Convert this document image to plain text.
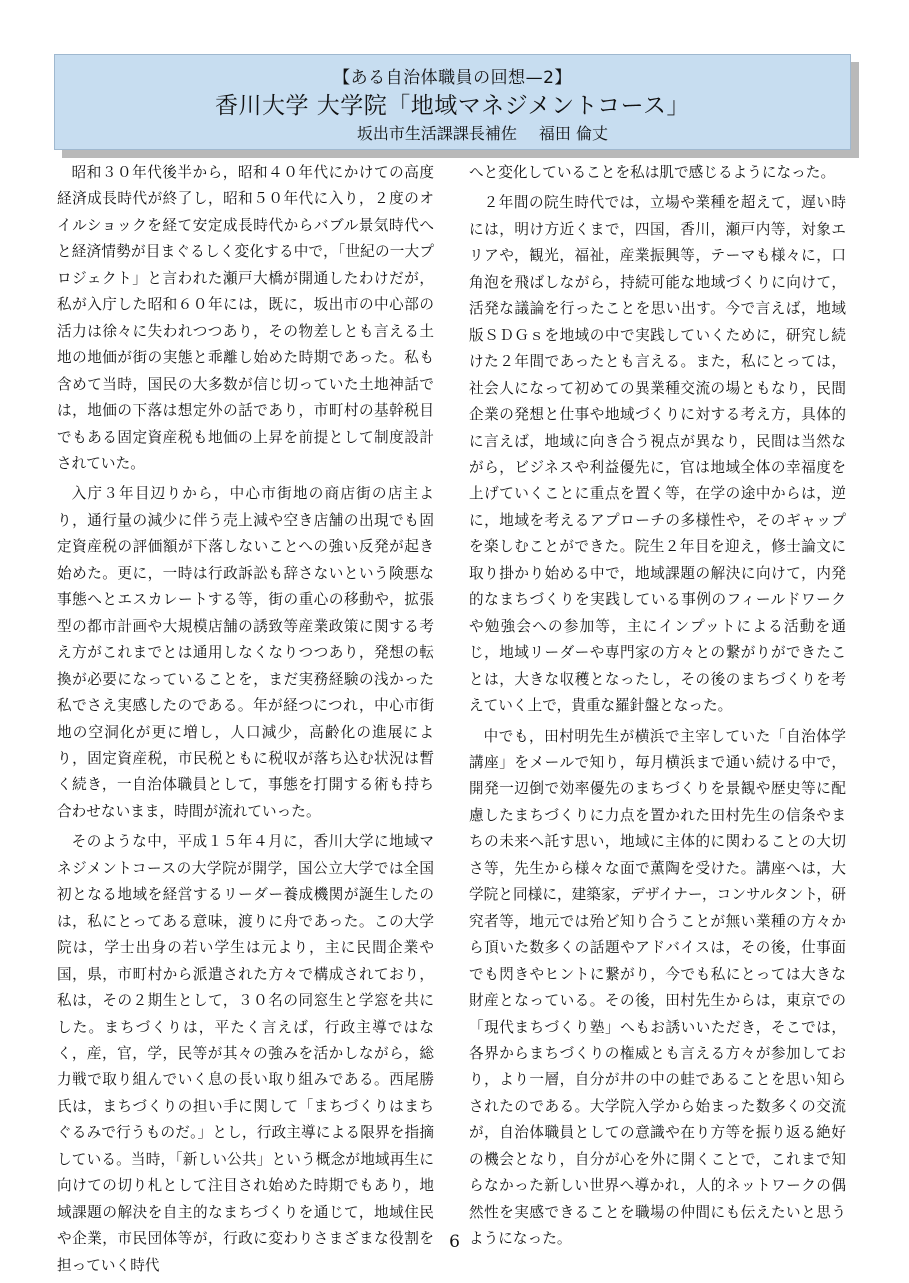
【ある自治体職員の回想—2】
香川大学 大学院「地域マネジメントコース」
坂出市生活課課長補佐 福田 倫丈

昭和３０年代後半から，昭和４０年代にかけての高度経済成長時代が終了し，昭和５０年代に入り，２度のオイルショックを経て安定成長時代からバブル景気時代へと経済情勢が目まぐるしく変化する中で，「世紀の一大プロジェクト」と言われた瀬戸大橋が開通したわけだが，私が入庁した昭和６０年には，既に，坂出市の中心部の活力は徐々に失われつつあり，その物差しとも言える土地の地価が街の実態と乖離し始めた時期であった。私も含めて当時，国民の大多数が信じ切っていた土地神話では，地価の下落は想定外の話であり，市町村の基幹税目でもある固定資産税も地価の上昇を前提として制度設計されていた。

入庁３年目辺りから，中心市街地の商店街の店主より，通行量の減少に伴う売上減や空き店舗の出現でも固定資産税の評価額が下落しないことへの強い反発が起き始めた。更に，一時は行政訴訟も辞さないという険悪な事態へとエスカレートする等，街の重心の移動や，拡張型の都市計画や大規模店舗の誘致等産業政策に関する考え方がこれまでとは通用しなくなりつつあり，発想の転換が必要になっていることを，まだ実務経験の浅かった私でさえ実感したのである。年が経つにつれ，中心市街地の空洞化が更に増し，人口減少，高齢化の進展により，固定資産税，市民税ともに税収が落ち込む状況は暫く続き，一自治体職員として，事態を打開する術も持ち合わせないまま，時間が流れていった。

そのような中，平成１５年４月に，香川大学に地域マネジメントコースの大学院が開学，国公立大学では全国初となる地域を経営するリーダー養成機関が誕生したのは，私にとってある意味，渡りに舟であった。この大学院は，学士出身の若い学生は元より，主に民間企業や国，県，市町村から派遣された方々で構成されており，私は，その２期生として，３０名の同窓生と学窓を共にした。まちづくりは，平たく言えば，行政主導ではなく，産，官，学，民等が其々の強みを活かしながら，総力戦で取り組んでいく息の長い取り組みである。西尾勝氏は，まちづくりの担い手に関して「まちづくりはまちぐるみで行うものだ。」とし，行政主導による限界を指摘している。当時，「新しい公共」という概念が地域再生に向けての切り札として注目され始めた時期でもあり，地域課題の解決を自主的なまちづくりを通じて，地域住民や企業，市民団体等が，行政に変わりさまざまな役割を担っていく時代

へと変化していることを私は肌で感じるようになった。

２年間の院生時代では，立場や業種を超えて，遅い時には，明け方近くまで，四国，香川，瀬戸内等，対象エリアや，観光，福祉，産業振興等，テーマも様々に，口角泡を飛ばしながら，持続可能な地域づくりに向けて，活発な議論を行ったことを思い出す。今で言えば，地域版ＳＤＧｓを地域の中で実践していくために，研究し続けた２年間であったとも言える。また，私にとっては，社会人になって初めての異業種交流の場ともなり，民間企業の発想と仕事や地域づくりに対する考え方，具体的に言えば，地域に向き合う視点が異なり，民間は当然ながら，ビジネスや利益優先に，官は地域全体の幸福度を上げていくことに重点を置く等，在学の途中からは，逆に，地域を考えるアプローチの多様性や，そのギャップを楽しむことができた。院生２年目を迎え，修士論文に取り掛かり始める中で，地域課題の解決に向けて，内発的なまちづくりを実践している事例のフィールドワークや勉強会への参加等，主にインプットによる活動を通じ，地域リーダーや専門家の方々との繋がりができたことは，大きな収穫となったし，その後のまちづくりを考えていく上で，貴重な羅針盤となった。

中でも，田村明先生が横浜で主宰していた「自治体学講座」をメールで知り，毎月横浜まで通い続ける中で，開発一辺倒で効率優先のまちづくりを景観や歴史等に配慮したまちづくりに力点を置かれた田村先生の信条やまちの未来へ託す思い，地域に主体的に関わることの大切さ等，先生から様々な面で薫陶を受けた。講座へは，大学院と同様に，建築家，デザイナー，コンサルタント，研究者等，地元では殆ど知り合うことが無い業種の方々から頂いた数多くの話題やアドバイスは，その後，仕事面でも閃きやヒントに繋がり，今でも私にとっては大きな財産となっている。その後，田村先生からは，東京での「現代まちづくり塾」へもお誘いいただき，そこでは，各界からまちづくりの権威とも言える方々が参加しており，より一層，自分が井の中の蛙であることを思い知らされたのである。大学院入学から始まった数多くの交流が，自治体職員としての意識や在り方等を振り返る絶好の機会となり，自分が心を外に開くことで，これまで知らなかった新しい世界へ導かれ，人的ネットワークの偶然性を実感できることを職場の仲間にも伝えたいと思うようになった。

6
